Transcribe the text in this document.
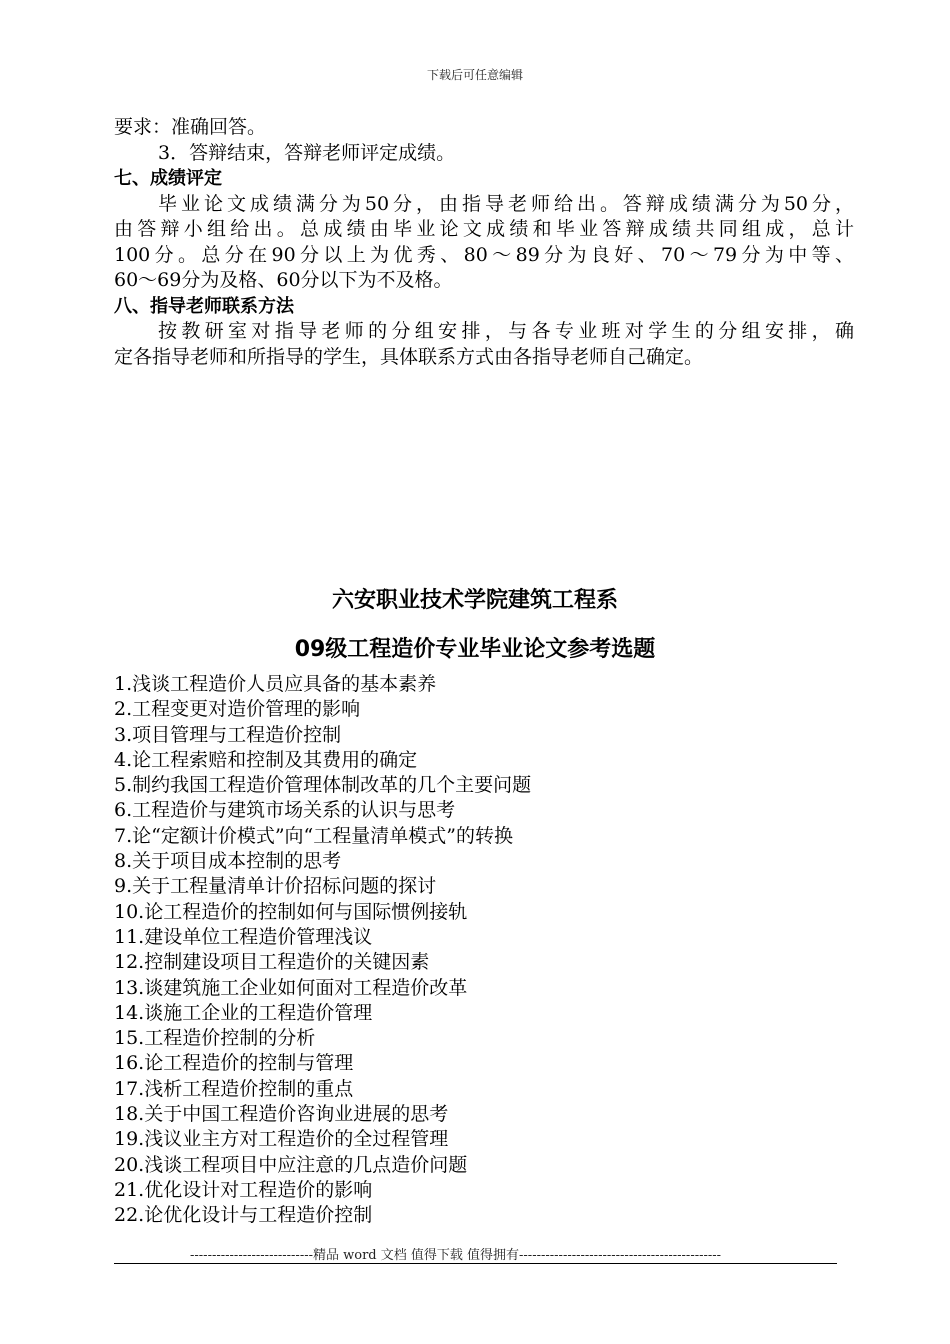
下载后可任意编辑
要求：准确回答。
3．答辩结束，答辩老师评定成绩。
七、成绩评定
毕业论文成绩满分为50分，由指导老师给出。答辩成绩满分为50分，
由答辩小组给出。总成绩由毕业论文成绩和毕业答辩成绩共同组成，总计
100分。总分在90分以上为优秀、80～89分为良好、70～79分为中等、
60～69分为及格、60分以下为不及格。
八、指导老师联系方法
按教研室对指导老师的分组安排，与各专业班对学生的分组安排，确
定各指导老师和所指导的学生，具体联系方式由各指导老师自己确定。
六安职业技术学院建筑工程系
09级工程造价专业毕业论文参考选题
1.浅谈工程造价人员应具备的基本素养
2.工程变更对造价管理的影响
3.项目管理与工程造价控制
4.论工程索赔和控制及其费用的确定
5.制约我国工程造价管理体制改革的几个主要问题
6.工程造价与建筑市场关系的认识与思考
7.论“定额计价模式”向“工程量清单模式”的转换
8.关于项目成本控制的思考
9.关于工程量清单计价招标问题的探讨
10.论工程造价的控制如何与国际惯例接轨
11.建设单位工程造价管理浅议
12.控制建设项目工程造价的关键因素
13.谈建筑施工企业如何面对工程造价改革
14.谈施工企业的工程造价管理
15.工程造价控制的分析
16.论工程造价的控制与管理
17.浅析工程造价控制的重点
18.关于中国工程造价咨询业进展的思考
19.浅议业主方对工程造价的全过程管理
20.浅谈工程项目中应注意的几点造价问题
21.优化设计对工程造价的影响
22.论优化设计与工程造价控制
----------------------------精品 word 文档 值得下载 值得拥有----------------------------------------------
